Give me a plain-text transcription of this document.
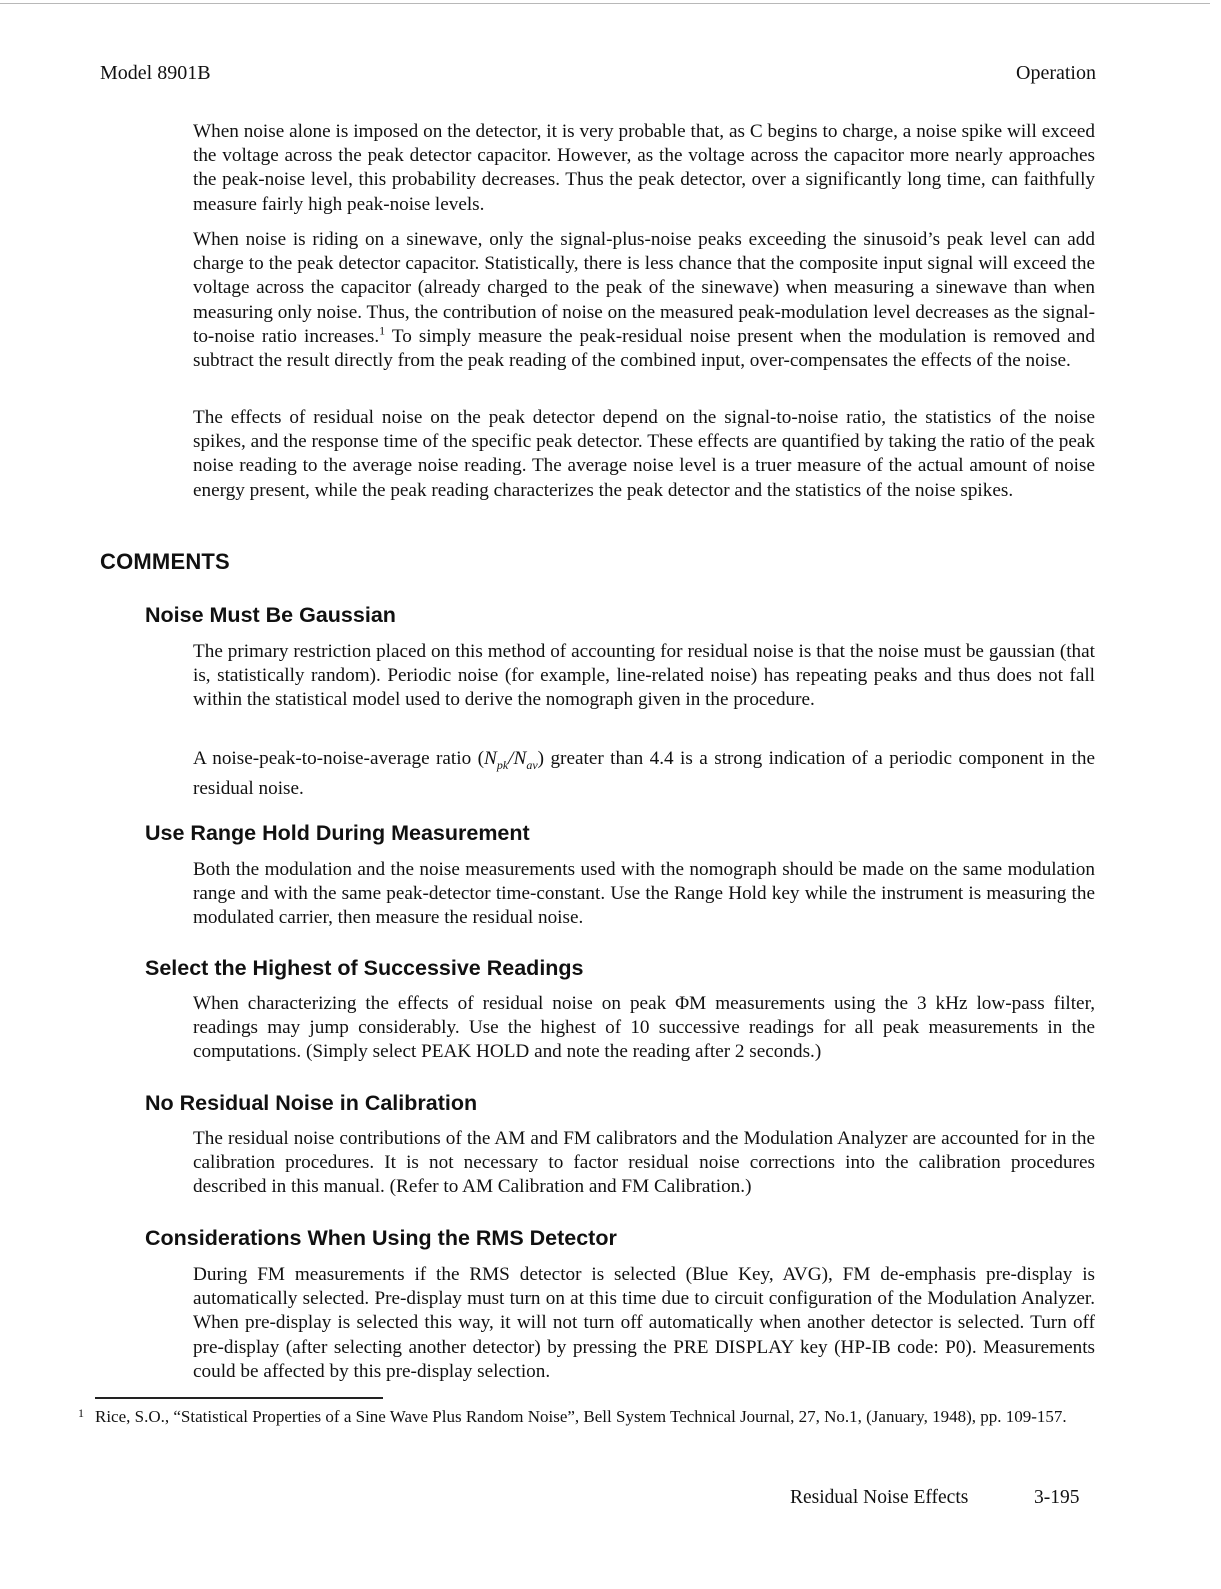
Model 8901B	Operation

When noise alone is imposed on the detector, it is very probable that, as C begins to charge, a noise spike will exceed the voltage across the peak detector capacitor. However, as the voltage across the capacitor more nearly approaches the peak-noise level, this probability decreases. Thus the peak detector, over a significantly long time, can faithfully measure fairly high peak-noise levels.

When noise is riding on a sinewave, only the signal-plus-noise peaks exceeding the sinusoid’s peak level can add charge to the peak detector capacitor. Statistically, there is less chance that the composite input signal will exceed the voltage across the capacitor (already charged to the peak of the sinewave) when measuring a sinewave than when measuring only noise. Thus, the contribution of noise on the measured peak-modulation level decreases as the signal-to-noise ratio increases.$^1$ To simply measure the peak-residual noise present when the modulation is removed and subtract the result directly from the peak reading of the combined input, over-compensates the effects of the noise.

The effects of residual noise on the peak detector depend on the signal-to-noise ratio, the statistics of the noise spikes, and the response time of the specific peak detector. These effects are quantified by taking the ratio of the peak noise reading to the average noise reading. The average noise level is a truer measure of the actual amount of noise energy present, while the peak reading characterizes the peak detector and the statistics of the noise spikes.

COMMENTS
Noise Must Be Gaussian

The primary restriction placed on this method of accounting for residual noise is that the noise must be gaussian (that is, statistically random). Periodic noise (for example, line-related noise) has repeating peaks and thus does not fall within the statistical model used to derive the nomograph given in the procedure.

A noise-peak-to-noise-average ratio $(N_{pk}/N_{av})$ greater than 4.4 is a strong indication of a periodic component in the residual noise.

Use Range Hold During Measurement

Both the modulation and the noise measurements used with the nomograph should be made on the same modulation range and with the same peak-detector time-constant. Use the Range Hold key while the instrument is measuring the modulated carrier, then measure the residual noise.

Select the Highest of Successive Readings

When characterizing the effects of residual noise on peak ΦM measurements using the 3 kHz low-pass filter, readings may jump considerably. Use the highest of 10 successive readings for all peak measurements in the computations. (Simply select PEAK HOLD and note the reading after 2 seconds.)

No Residual Noise in Calibration

The residual noise contributions of the AM and FM calibrators and the Modulation Analyzer are accounted for in the calibration procedures. It is not necessary to factor residual noise corrections into the calibration procedures described in this manual. (Refer to AM Calibration and FM Calibration.)

Considerations When Using the RMS Detector

During FM measurements if the RMS detector is selected (Blue Key, AVG), FM de-emphasis pre-display is automatically selected. Pre-display must turn on at this time due to circuit configuration of the Modulation Analyzer. When pre-display is selected this way, it will not turn off automatically when another detector is selected. Turn off pre-display (after selecting another detector) by pressing the PRE DISPLAY key (HP-IB code: P0). Measurements could be affected by this pre-display selection.

1 Rice, S.O., “Statistical Properties of a Sine Wave Plus Random Noise”, Bell System Technical Journal, 27, No.1, (January, 1948), pp. 109-157.

Residual Noise Effects	3-195
